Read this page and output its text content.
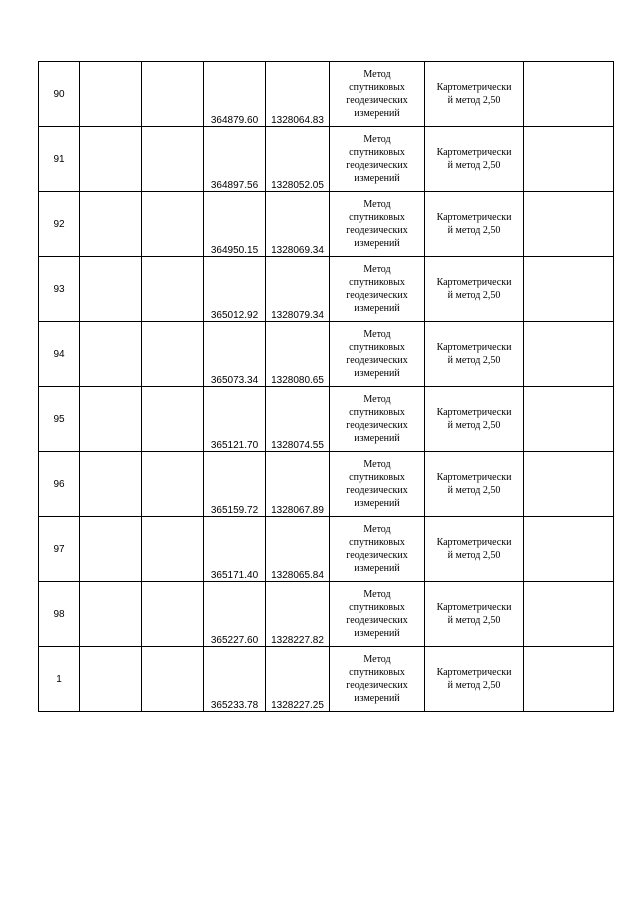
90			364879.60	1328064.83	Метод
спутниковых
геодезических
измерений	Картометрически
й метод 2,50	

91			364897.56	1328052.05	Метод
спутниковых
геодезических
измерений	Картометрически
й метод 2,50	

92			364950.15	1328069.34	Метод
спутниковых
геодезических
измерений	Картометрически
й метод 2,50	

93			365012.92	1328079.34	Метод
спутниковых
геодезических
измерений	Картометрически
й метод 2,50	

94			365073.34	1328080.65	Метод
спутниковых
геодезических
измерений	Картометрически
й метод 2,50	

95			365121.70	1328074.55	Метод
спутниковых
геодезических
измерений	Картометрически
й метод 2,50	

96			365159.72	1328067.89	Метод
спутниковых
геодезических
измерений	Картометрически
й метод 2,50	

97			365171.40	1328065.84	Метод
спутниковых
геодезических
измерений	Картометрически
й метод 2,50	

98			365227.60	1328227.82	Метод
спутниковых
геодезических
измерений	Картометрически
й метод 2,50	

1			365233.78	1328227.25	Метод
спутниковых
геодезических
измерений	Картометрически
й метод 2,50	
